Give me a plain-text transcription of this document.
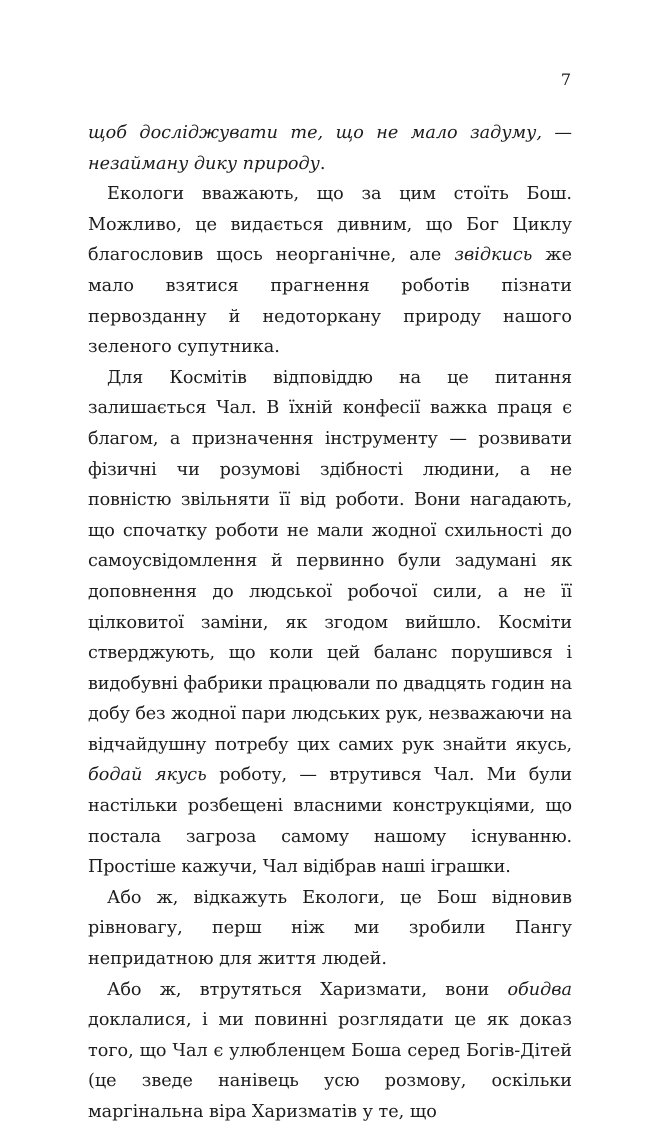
7

щоб досліджувати те, що не мало задуму, — незайману дику природу.

Екологи вважають, що за цим стоїть Бош. Можливо, це видається дивним, що Бог Циклу благословив щось неорганічне, але звідкись же мало взятися прагнення роботів пізнати первозданну й недоторкану природу нашого зеленого супутника.

Для Космітів відповіддю на це питання залишається Чал. В їхній конфесії важка праця є благом, а призначення інструменту — розвивати фізичні чи розумові здібності людини, а не повністю звільняти її від роботи. Вони нагадають, що спочатку роботи не мали жодної схильності до самоусвідомлення й первинно були задумані як доповнення до людської робочої сили, а не її цілковитої заміни, як згодом вийшло. Косміти стверджують, що коли цей баланс порушився і видобувні фабрики працювали по двадцять годин на добу без жодної пари людських рук, незважаючи на відчайдушну потребу цих самих рук знайти якусь, бодай якусь роботу, — втрутився Чал. Ми були настільки розбещені власними конструкціями, що постала загроза самому нашому існуванню. Простіше кажучи, Чал відібрав наші іграшки.

Або ж, відкажуть Екологи, це Бош відновив рівновагу, перш ніж ми зробили Пангу непридатною для життя людей.

Або ж, втрутяться Харизмати, вони обидва доклалися, і ми повинні розглядати це як доказ того, що Чал є улюбленцем Боша серед Богів-Дітей (це зведе нанівець усю розмову, оскільки маргінальна віра Харизматів у те, що
